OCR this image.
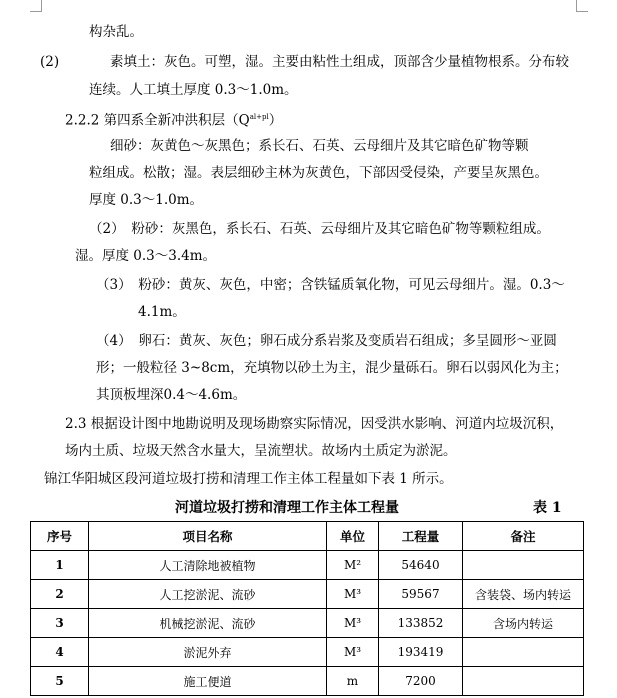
构杂乱。
(2)	素填土：灰色。可塑，湿。主要由粘性土组成，顶部含少量植物根系。分布较
连续。人工填土厚度 0.3～1.0m。
2.2.2 第四系全新冲洪积层$(Q^{al+pl})$
细砂：灰黄色～灰黑色；系长石、石英、云母细片及其它暗色矿物等颗
粒组成。松散；湿。表层细砂主林为灰黄色，下部因受侵染，产要呈灰黑色。
厚度 0.3～1.0m。
（2）　粉砂：灰黑色，系长石、石英、云母细片及其它暗色矿物等颗粒组成。
湿。厚度 0.3～3.4m。
（3）　粉砂：黄灰、灰色，中密；含铁锰质氧化物，可见云母细片。湿。0.3～
4.1m。
（4）　卵石：黄灰、灰色；卵石成分系岩浆及变质岩石组成；多呈圆形～亚圆
形；一般粒径 3~8cm，充填物以砂土为主，混少量砾石。卵石以弱风化为主；
其顶板埋深0.4～4.6m。
2.3 根据设计图中地勘说明及现场勘察实际情况，因受洪水影响、河道内垃圾沉积，
场内土质、垃圾天然含水量大，呈流塑状。故场内土质定为淤泥。
锦江华阳城区段河道垃圾打捞和清理工作主体工程量如下表 1 所示。
河道垃圾打捞和清理工作主体工程量	表 1
序号	项目名称	单位	工程量	备注
1	人工清除地被植物	M²	54640	
2	人工挖淤泥、流砂	M³	59567	含装袋、场内转运
3	机械挖淤泥、流砂	M³	133852	含场内转运
4	淤泥外弃	M³	193419	
5	施工便道	m	7200	
